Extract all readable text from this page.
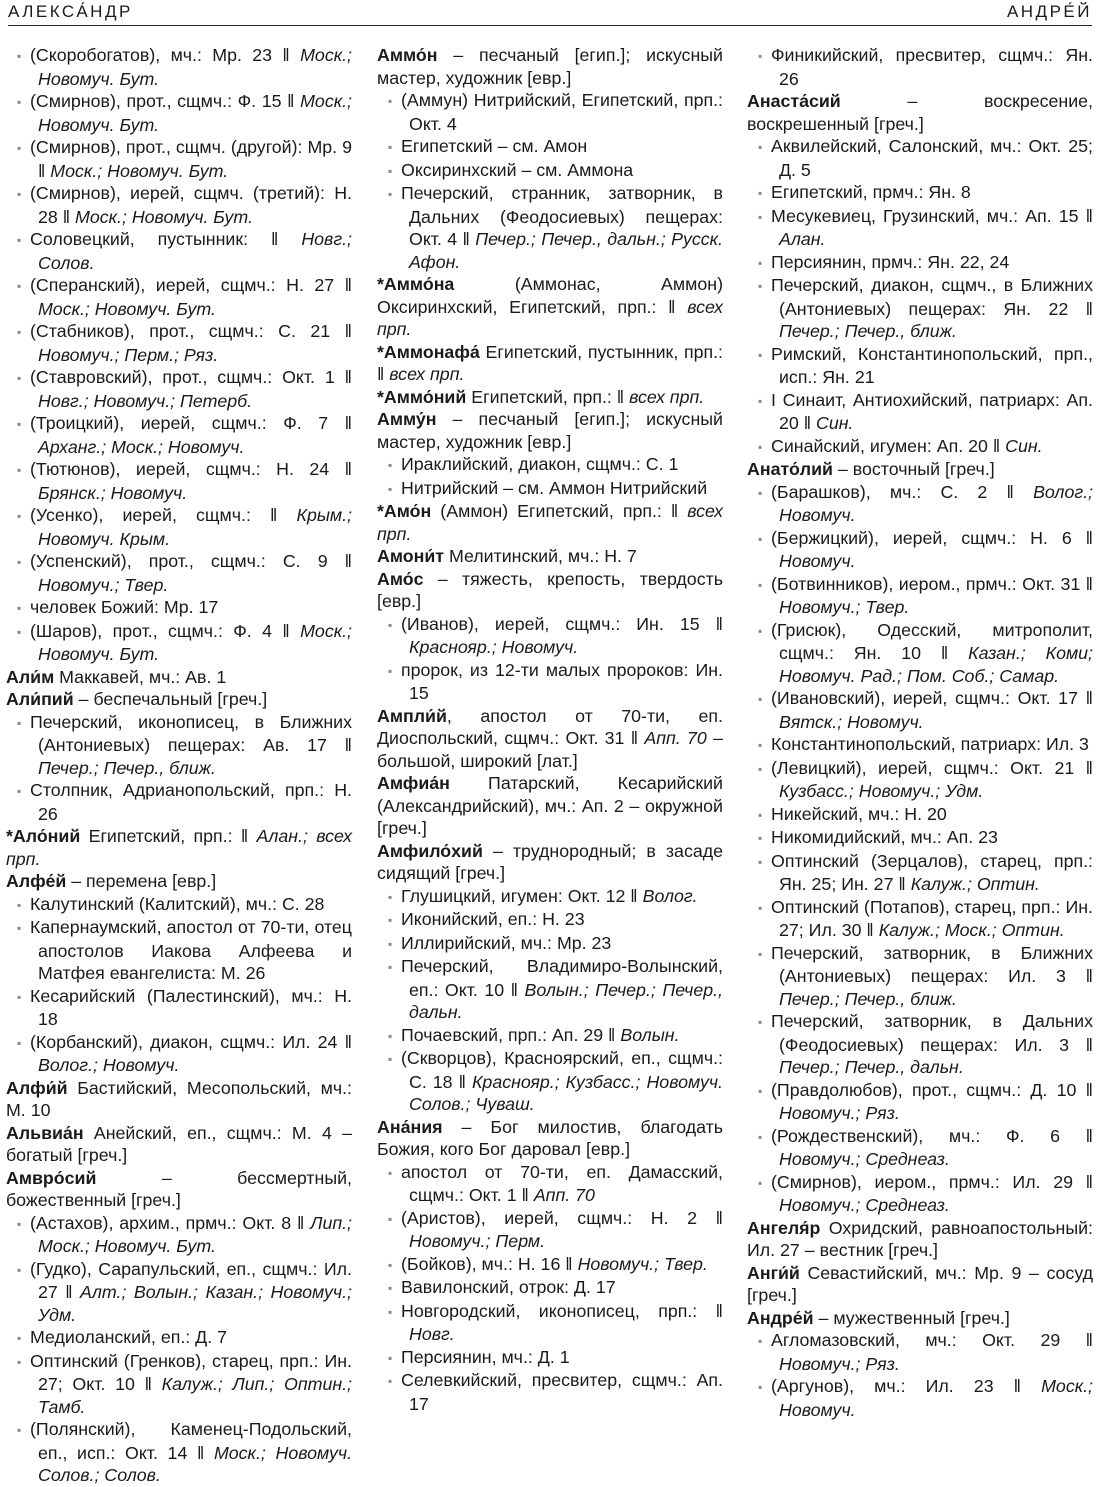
АЛЕКСА́НДР	АНДРЕ́Й
▪ (Скоробогатов), мч.: Мр. 23 ‖ Моск.; Новомуч. Бут.
▪ (Смирнов), прот., сщмч.: Ф. 15 ‖ Моск.; Новомуч. Бут.
▪ (Смирнов), прот., сщмч. (другой): Мр. 9 ‖ Моск.; Новомуч. Бут.
▪ (Смирнов), иерей, сщмч. (третий): Н. 28 ‖ Моск.; Новомуч. Бут.
▪ Соловецкий, пустынник: ‖ Новг.; Солов.
▪ (Сперанский), иерей, сщмч.: Н. 27 ‖ Моск.; Новомуч. Бут.
▪ (Стабников), прот., сщмч.: С. 21 ‖ Новомуч.; Перм.; Ряз.
▪ (Ставровский), прот., сщмч.: Окт. 1 ‖ Новг.; Новомуч.; Петерб.
▪ (Троицкий), иерей, сщмч.: Ф. 7 ‖ Арханг.; Моск.; Новомуч.
▪ (Тютюнов), иерей, сщмч.: Н. 24 ‖ Брянск.; Новомуч.
▪ (Усенко), иерей, сщмч.: ‖ Крым.; Новомуч. Крым.
▪ (Успенский), прот., сщмч.: С. 9 ‖ Новомуч.; Твер.
▪ человек Божий: Мр. 17
▪ (Шаров), прот., сщмч.: Ф. 4 ‖ Моск.; Новомуч. Бут.
Али́м Маккавей, мч.: Ав. 1
Али́пий – беспечальный [греч.]
▪ Печерский, иконописец, в Ближних (Антониевых) пещерах: Ав. 17 ‖ Печер.; Печер., ближ.
▪ Столпник, Адрианопольский, прп.: Н. 26
*Ало́ний Египетский, прп.: ‖ Алан.; всех прп.
Алфе́й – перемена [евр.]
▪ Калутинский (Калитский), мч.: С. 28
▪ Капернаумский, апостол от 70-ти, отец апостолов Иакова Алфеева и Матфея евангелиста: М. 26
▪ Кесарийский (Палестинский), мч.: Н. 18
▪ (Корбанский), диакон, сщмч.: Ил. 24 ‖ Волог.; Новомуч.
Алфи́й Бастийский, Месопольский, мч.: М. 10
Альвиа́н Анейский, еп., сщмч.: М. 4 – богатый [греч.]
Амвро́сий – бессмертный, божественный [греч.]
▪ (Астахов), архим., прмч.: Окт. 8 ‖ Лип.; Моск.; Новомуч. Бут.
▪ (Гудко), Сарапульский, еп., сщмч.: Ил. 27 ‖ Алт.; Волын.; Казан.; Новомуч.; Удм.
▪ Медиоланский, еп.: Д. 7
▪ Оптинский (Гренков), старец, прп.: Ин. 27; Окт. 10 ‖ Калуж.; Лип.; Оптин.; Тамб.
▪ (Полянский), Каменец-Подольский, еп., исп.: Окт. 14 ‖ Моск.; Новомуч. Солов.; Солов.
Аммо́н – песчаный [егип.]; искусный мастер, художник [евр.]
▪ (Аммун) Нитрийский, Египетский, прп.: Окт. 4
▪ Египетский – см. Амон
▪ Оксиринхский – см. Аммона
▪ Печерский, странник, затворник, в Дальних (Феодосиевых) пещерах: Окт. 4 ‖ Печер.; Печер., дальн.; Русск. Афон.
*Аммо́на (Аммонас, Аммон) Оксиринхский, Египетский, прп.: ‖ всех прп.
*Аммонафа́ Египетский, пустынник, прп.: ‖ всех прп.
*Аммо́ний Египетский, прп.: ‖ всех прп.
Амму́н – песчаный [егип.]; искусный мастер, художник [евр.]
▪ Ираклийский, диакон, сщмч.: С. 1
▪ Нитрийский – см. Аммон Нитрийский
*Амо́н (Аммон) Египетский, прп.: ‖ всех прп.
Амони́т Мелитинский, мч.: Н. 7
Амо́с – тяжесть, крепость, твердость [евр.]
▪ (Иванов), иерей, сщмч.: Ин. 15 ‖ Краснояр.; Новомуч.
▪ пророк, из 12-ти малых пророков: Ин. 15
Ампли́й, апостол от 70-ти, еп. Диоспольский, сщмч.: Окт. 31 ‖ Апп. 70 – большой, широкий [лат.]
Амфиа́н Патарский, Кесарийский (Александрийский), мч.: Ап. 2 – окружной [греч.]
Амфило́хий – труднородный; в засаде сидящий [греч.]
▪ Глушицкий, игумен: Окт. 12 ‖ Волог.
▪ Иконийский, еп.: Н. 23
▪ Иллирийский, мч.: Мр. 23
▪ Печерский, Владимиро-Волынский, еп.: Окт. 10 ‖ Волын.; Печер.; Печер., дальн.
▪ Почаевский, прп.: Ап. 29 ‖ Волын.
▪ (Скворцов), Красноярский, еп., сщмч.: С. 18 ‖ Краснояр.; Кузбасс.; Новомуч. Солов.; Чуваш.
Ана́ния – Бог милостив, благодать Божия, кого Бог даровал [евр.]
▪ апостол от 70-ти, еп. Дамасский, сщмч.: Окт. 1 ‖ Апп. 70
▪ (Аристов), иерей, сщмч.: Н. 2 ‖ Новомуч.; Перм.
▪ (Бойков), мч.: Н. 16 ‖ Новомуч.; Твер.
▪ Вавилонский, отрок: Д. 17
▪ Новгородский, иконописец, прп.: ‖ Новг.
▪ Персиянин, мч.: Д. 1
▪ Селевкийский, пресвитер, сщмч.: Ап. 17
▪ Финикийский, пресвитер, сщмч.: Ян. 26
Анаста́сий – воскресение, воскрешенный [греч.]
▪ Аквилейский, Салонский, мч.: Окт. 25; Д. 5
▪ Египетский, прмч.: Ян. 8
▪ Месукевиец, Грузинский, мч.: Ап. 15 ‖ Алан.
▪ Персиянин, прмч.: Ян. 22, 24
▪ Печерский, диакон, сщмч., в Ближних (Антониевых) пещерах: Ян. 22 ‖ Печер.; Печер., ближ.
▪ Римский, Константинопольский, прп., исп.: Ян. 21
▪ I Синаит, Антиохийский, патриарх: Ап. 20 ‖ Син.
▪ Синайский, игумен: Ап. 20 ‖ Син.
Анато́лий – восточный [греч.]
▪ (Барашков), мч.: С. 2 ‖ Волог.; Новомуч.
▪ (Бержицкий), иерей, сщмч.: Н. 6 ‖ Новомуч.
▪ (Ботвинников), иером., прмч.: Окт. 31 ‖ Новомуч.; Твер.
▪ (Грисюк), Одесский, митрополит, сщмч.: Ян. 10 ‖ Казан.; Коми; Новомуч. Рад.; Пом. Соб.; Самар.
▪ (Ивановский), иерей, сщмч.: Окт. 17 ‖ Вятск.; Новомуч.
▪ Константинопольский, патриарх: Ил. 3
▪ (Левицкий), иерей, сщмч.: Окт. 21 ‖ Кузбасс.; Новомуч.; Удм.
▪ Никейский, мч.: Н. 20
▪ Никомидийский, мч.: Ап. 23
▪ Оптинский (Зерцалов), старец, прп.: Ян. 25; Ин. 27 ‖ Калуж.; Оптин.
▪ Оптинский (Потапов), старец, прп.: Ин. 27; Ил. 30 ‖ Калуж.; Моск.; Оптин.
▪ Печерский, затворник, в Ближних (Антониевых) пещерах: Ил. 3 ‖ Печер.; Печер., ближ.
▪ Печерский, затворник, в Дальних (Феодосиевых) пещерах: Ил. 3 ‖ Печер.; Печер., дальн.
▪ (Правдолюбов), прот., сщмч.: Д. 10 ‖ Новомуч.; Ряз.
▪ (Рождественский), мч.: Ф. 6 ‖ Новомуч.; Среднеаз.
▪ (Смирнов), иером., прмч.: Ил. 29 ‖ Новомуч.; Среднеаз.
Ангеля́р Охридский, равноапостольный: Ил. 27 – вестник [греч.]
Анги́й Севастийский, мч.: Мр. 9 – сосуд [греч.]
Андре́й – мужественный [греч.]
▪ Агломазовский, мч.: Окт. 29 ‖ Новомуч.; Ряз.
▪ (Аргунов), мч.: Ил. 23 ‖ Моск.; Новомуч.
